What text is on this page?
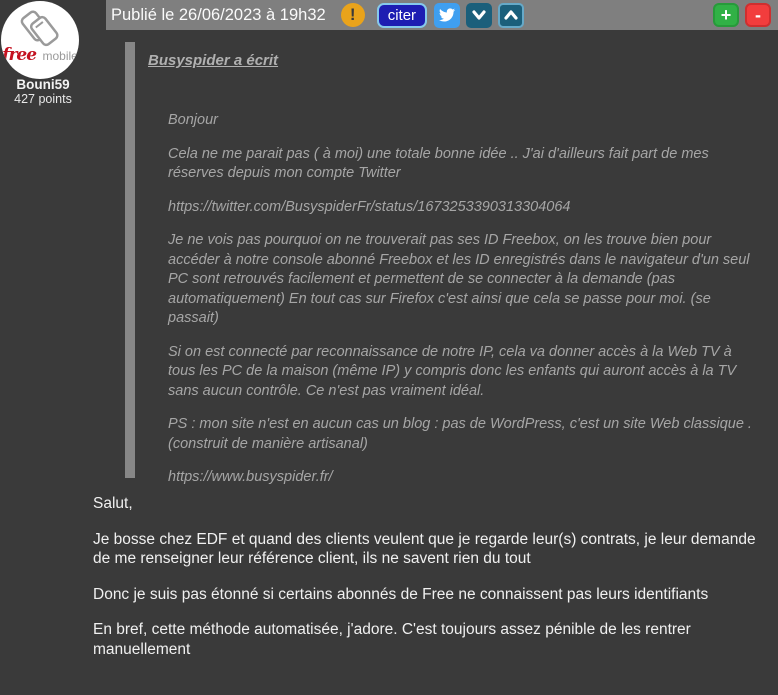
free mobile
Bouni59
427 points
Publié le 26/06/2023 à 19h32	!	citer	+	-
Busyspider a écrit

Bonjour

Cela ne me parait pas ( à moi) une totale bonne idée .. J'ai d'ailleurs fait part de mes réserves depuis mon compte Twitter

https://twitter.com/BusyspiderFr/status/1673253390313304064

Je ne vois pas pourquoi on ne trouverait pas ses ID Freebox, on les trouve bien pour accéder à notre console abonné Freebox et les ID enregistrés dans le navigateur d'un seul PC sont retrouvés facilement et permettent de se connecter à la demande (pas automatiquement) En tout cas sur Firefox c'est ainsi que cela se passe pour moi. (se passait)

Si on est connecté par reconnaissance de notre IP, cela va donner accès à la Web TV à tous les PC de la maison (même IP) y compris donc les enfants qui auront accès à la TV sans aucun contrôle. Ce n'est pas vraiment idéal.

PS : mon site n'est en aucun cas un blog : pas de WordPress, c'est un site Web classique . (construit de manière artisanal)

https://www.busyspider.fr/

Salut,

Je bosse chez EDF et quand des clients veulent que je regarde leur(s) contrats, je leur demande de me renseigner leur référence client, ils ne savent rien du tout

Donc je suis pas étonné si certains abonnés de Free ne connaissent pas leurs identifiants

En bref, cette méthode automatisée, j'adore. C'est toujours assez pénible de les rentrer manuellement
